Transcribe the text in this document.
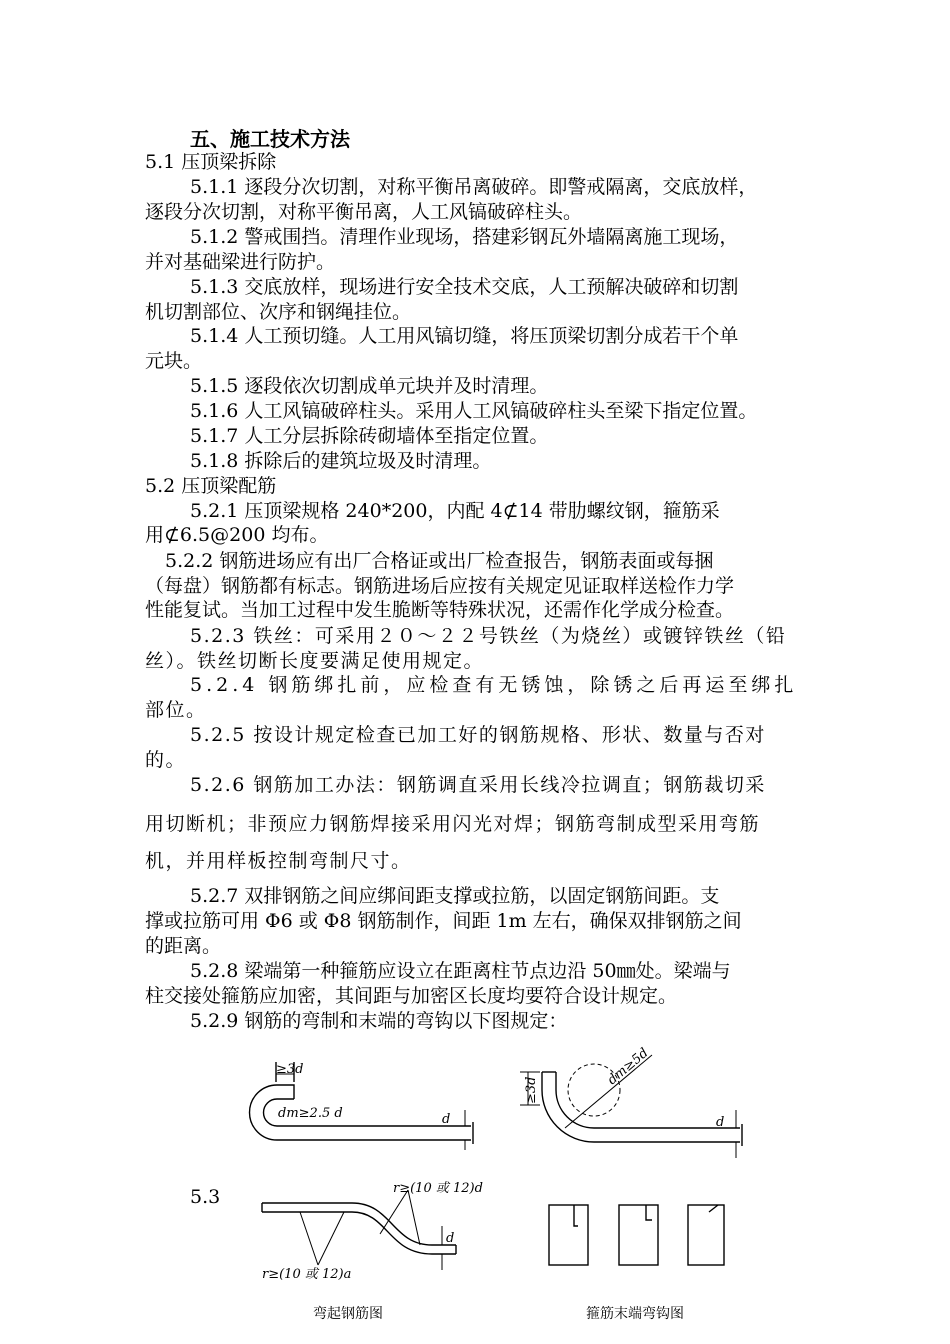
五、施工技术方法
5.1 压顶梁拆除
5.1.1 逐段分次切割，对称平衡吊离破碎。即警戒隔离，交底放样，
逐段分次切割，对称平衡吊离，人工风镐破碎柱头。
5.1.2 警戒围挡。清理作业现场，搭建彩钢瓦外墙隔离施工现场，
并对基础梁进行防护。
5.1.3 交底放样，现场进行安全技术交底，人工预解决破碎和切割
机切割部位、次序和钢绳挂位。
5.1.4 人工预切缝。人工用风镐切缝，将压顶梁切割分成若干个单
元块。
5.1.5 逐段依次切割成单元块并及时清理。
5.1.6 人工风镐破碎柱头。采用人工风镐破碎柱头至梁下指定位置。
5.1.7 人工分层拆除砖砌墙体至指定位置。
5.1.8 拆除后的建筑垃圾及时清理。
5.2 压顶梁配筋
5.2.1 压顶梁规格 240*200，内配 4⊄14 带肋螺纹钢，箍筋采
用⊄6.5@200 均布。
5.2.2 钢筋进场应有出厂合格证或出厂检查报告，钢筋表面或每捆
（每盘）钢筋都有标志。钢筋进场后应按有关规定见证取样送检作力学
性能复试。当加工过程中发生脆断等特殊状况，还需作化学成分检查。
5.2.3 铁丝：可采用２０～２２号铁丝（为烧丝）或镀锌铁丝（铅
丝）。铁丝切断长度要满足使用规定。
5.2.4 钢筋绑扎前，应检查有无锈蚀，除锈之后再运至绑扎
部位。
5.2.5 按设计规定检查已加工好的钢筋规格、形状、数量与否对
的。
5.2.6 钢筋加工办法：钢筋调直采用长线冷拉调直；钢筋裁切采
用切断机；非预应力钢筋焊接采用闪光对焊；钢筋弯制成型采用弯筋
机，并用样板控制弯制尺寸。
5.2.7 双排钢筋之间应绑间距支撑或拉筋，以固定钢筋间距。支
撑或拉筋可用 Φ6 或 Φ8 钢筋制作，间距 1m 左右，确保双排钢筋之间
的距离。
5.2.8 梁端第一种箍筋应设立在距离柱节点边沿 50㎜处。梁端与
柱交接处箍筋应加密，其间距与加密区长度均要符合设计规定。
5.2.9 钢筋的弯制和末端的弯钩以下图规定：
5.3
≥3d
dm≥2.5 d	d
≥3d
dm≥5d
d
r≥(10 或 12)d
r≥(10 或 12)a
d
弯起钢筋图	箍筋末端弯钩图
